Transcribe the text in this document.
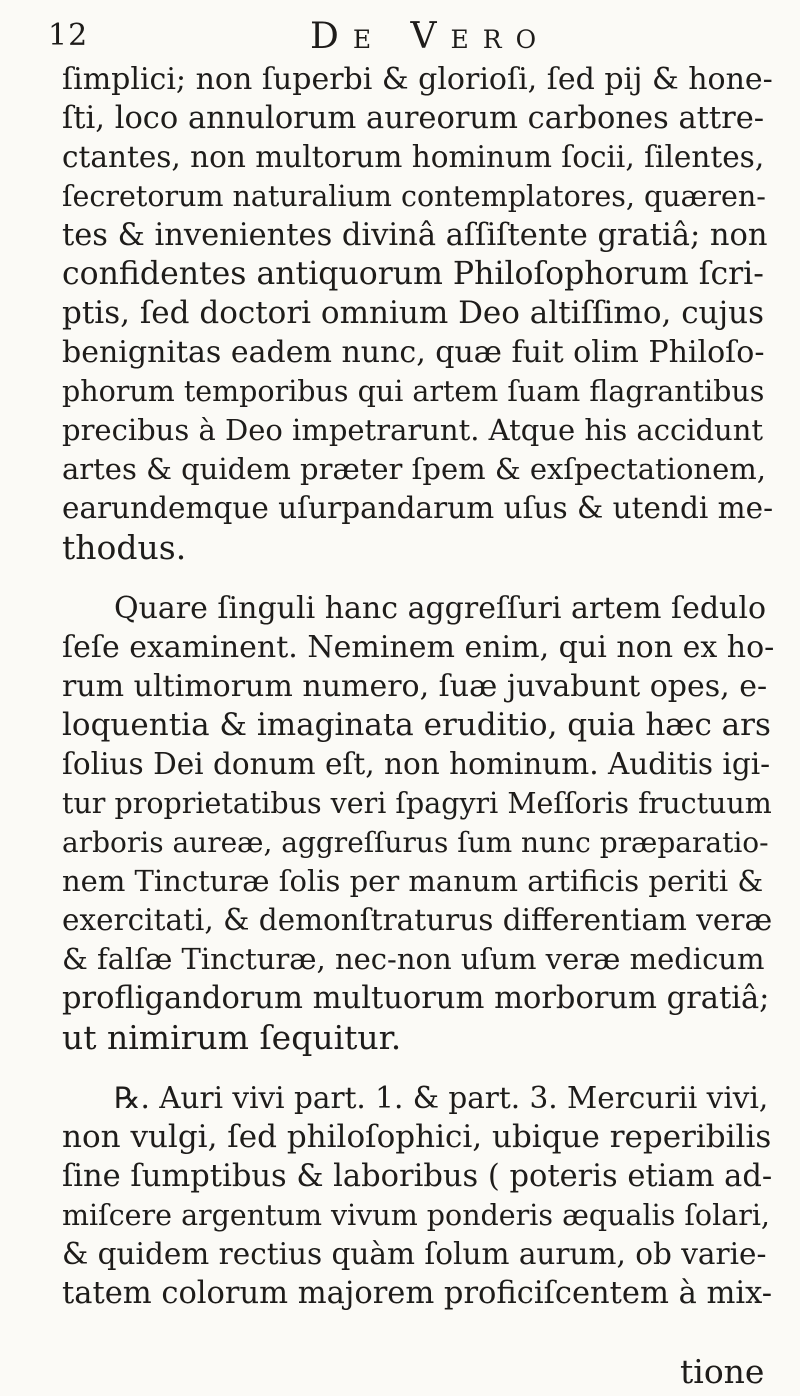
12	De Vero
ſimplici; non ſuperbi & glorioſi, ſed pij & hone-
ſti, loco annulorum aureorum carbones attre-
ctantes, non multorum hominum ſocii, ſilentes,
ſecretorum naturalium contemplatores, quæren-
tes & invenientes divinâ aſſiſtente gratiâ; non
confidentes antiquorum Philoſophorum ſcri-
ptis, ſed doctori omnium Deo altiſſimo, cujus
benignitas eadem nunc, quæ fuit olim Philoſo-
phorum temporibus qui artem ſuam flagrantibus
precibus à Deo impetrarunt. Atque his accidunt
artes & quidem præter ſpem & exſpectationem,
earundemque uſurpandarum uſus & utendi me-
thodus.
Quare ſinguli hanc aggreſſuri artem ſedulo
ſeſe examinent. Neminem enim, qui non ex ho-
rum ultimorum numero, ſuæ juvabunt opes, e-
loquentia & imaginata eruditio, quia hæc ars
ſolius Dei donum eſt, non hominum. Auditis igi-
tur proprietatibus veri ſpagyri Meſſoris fructuum
arboris aureæ, aggreſſurus ſum nunc præparatio-
nem Tincturæ ſolis per manum artificis periti &
exercitati, & demonſtraturus differentiam veræ
& falſæ Tincturæ, nec-non uſum veræ medicum
profligandorum multuorum morborum gratiâ;
ut nimirum ſequitur.
℞. Auri vivi part. 1. & part. 3. Mercurii vivi,
non vulgi, ſed philoſophici, ubique reperibilis
ſine ſumptibus & laboribus ( poteris etiam ad-
miſcere argentum vivum ponderis æqualis ſolari,
& quidem rectius quàm ſolum aurum, ob varie-
tatem colorum majorem proficiſcentem à mix-
tione
